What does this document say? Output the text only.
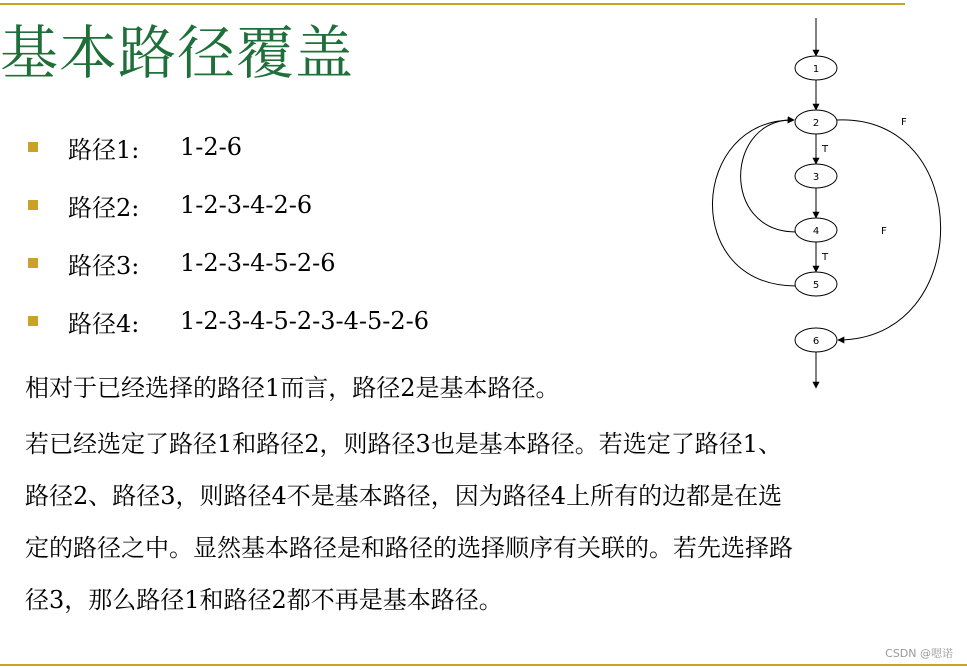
基本路径覆盖
路径1:	1-2-6
路径2:	1-2-3-4-2-6
路径3:	1-2-3-4-5-2-6
路径4:	1-2-3-4-5-2-3-4-5-2-6

相对于已经选择的路径1而言，路径2是基本路径。

若已经选定了路径1和路径2，则路径3也是基本路径。若选定了路径1、路径2、路径3，则路径4不是基本路径，因为路径4上所有的边都是在选定的路径之中。显然基本路径是和路径的选择顺序有关联的。若先选择路径3，那么路径1和路径2都不再是基本路径。

1
2
3
4
5
6
T
T
F
F
CSDN @嗯诺
